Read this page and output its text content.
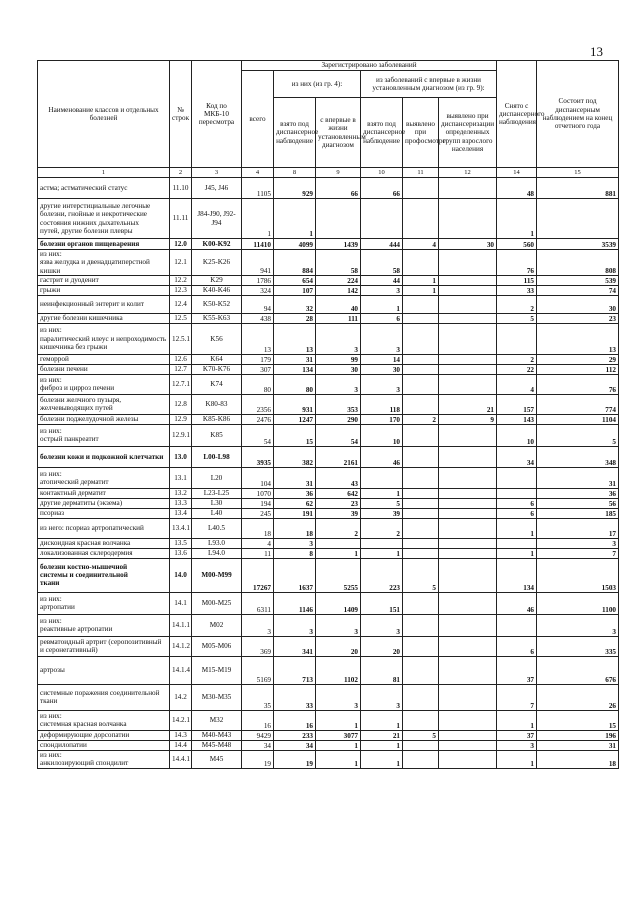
13
Наименование классов и отдельных болезней	№ строк	Код по МКБ-10 пересмотра	Зарегистрировано заболеваний						Снято с диспансерного наблюдения	Состоит под диспансерным наблюдением на конец отчетного года
			всего	из них (из гр. 4):		из заболеваний с впервые в жизни установленным диагнозом (из гр. 9):				
				взято под диспансерное наблюдение	с впервые в жизни установленным диагнозом	взято под диспансерное наблюдение	выявлено при профосмотре	выявлено при диспансеризации определенных групп взрослого населения		
1	2	3	4	8	9	10	11	12	14	15
астма; астматический статус	11.10	J45, J46	1105	929	66	66			48	881
другие интерстициальные легочные
болезни, гнойные и некротические
состояния нижних дыхательных
путей, другие болезни плевры	11.11	J84-J90, J92-J94	1	1					1	
болезни органов пищеварения	12.0	K00-K92	11410	4099	1439	444	4	30	560	3539
из них:
язва желудка и двенадцатиперстной кишки	12.1	K25-K26	941	884	58	58			76	808
гастрит и дуоденит	12.2	K29	1786	654	224	44	1		115	539
грыжи	12.3	K40-K46	324	107	142	3	1		33	74
неинфекционный энтерит и колит	12.4	K50-K52	94	32	40	1			2	30
другие болезни кишечника	12.5	K55-K63	438	28	111	6			5	23
из них:
паралитический илеус и непроходимость
кишечника без грыжи	12.5.1	K56	13	13	3	3				13
геморрой	12.6	K64	179	31	99	14			2	29
болезни печени	12.7	K70-K76	307	134	30	30			22	112
из них:
фиброз и цирроз печени	12.7.1	K74	80	80	3	3			4	76
болезни желчного пузыря, желчевыводящих путей	12.8	K80-83	2356	931	353	118		21	157	774
болезни поджелудочной железы	12.9	K85-K86	2476	1247	290	170	2	9	143	1104
из них:
острый панкреатит	12.9.1	K85	54	15	54	10			10	5
болезни кожи и подкожной клетчатки	13.0	L00-L98	3935	382	2161	46			34	348
из них:
атопический дерматит	13.1	L20	104	31	43					31
контактный дерматит	13.2	L23-L25	1070	36	642	1				36
другие дерматиты (экзема)	13.3	L30	194	62	23	5			6	56
псориаз	13.4	L40	245	191	39	39			6	185
из него: псориаз артропатический	13.4.1	L40.5	18	18	2	2			1	17
дискоидная красная волчанка	13.5	L93.0	4	3						3
локализованная склеродермия	13.6	L94.0	11	8	1	1			1	7
болезни костно-мышечной
системы и соединительной
ткани	14.0	M00-M99	17267	1637	5255	223	5		134	1503
из них:
артропатии	14.1	M00-M25	6311	1146	1409	151			46	1100
из них:
реактивные артропатии	14.1.1	M02	3	3	3	3				3
ревматоидный артрит (серопозитивный и серонегативный)	14.1.2	M05-M06	369	341	20	20			6	335
артрозы	14.1.4	M15-M19	5169	713	1102	81			37	676
системные поражения соединительной
ткани	14.2	M30-M35	35	33	3	3			7	26
из них:
системная красная волчанка	14.2.1	M32	16	16	1	1			1	15
деформирующие дорсопатии	14.3	M40-M43	9429	233	3077	21	5		37	196
спондилопатии	14.4	M45-M48	34	34	1	1			3	31
из них:
анкилозирующий спондилит	14.4.1	M45	19	19	1	1			1	18
